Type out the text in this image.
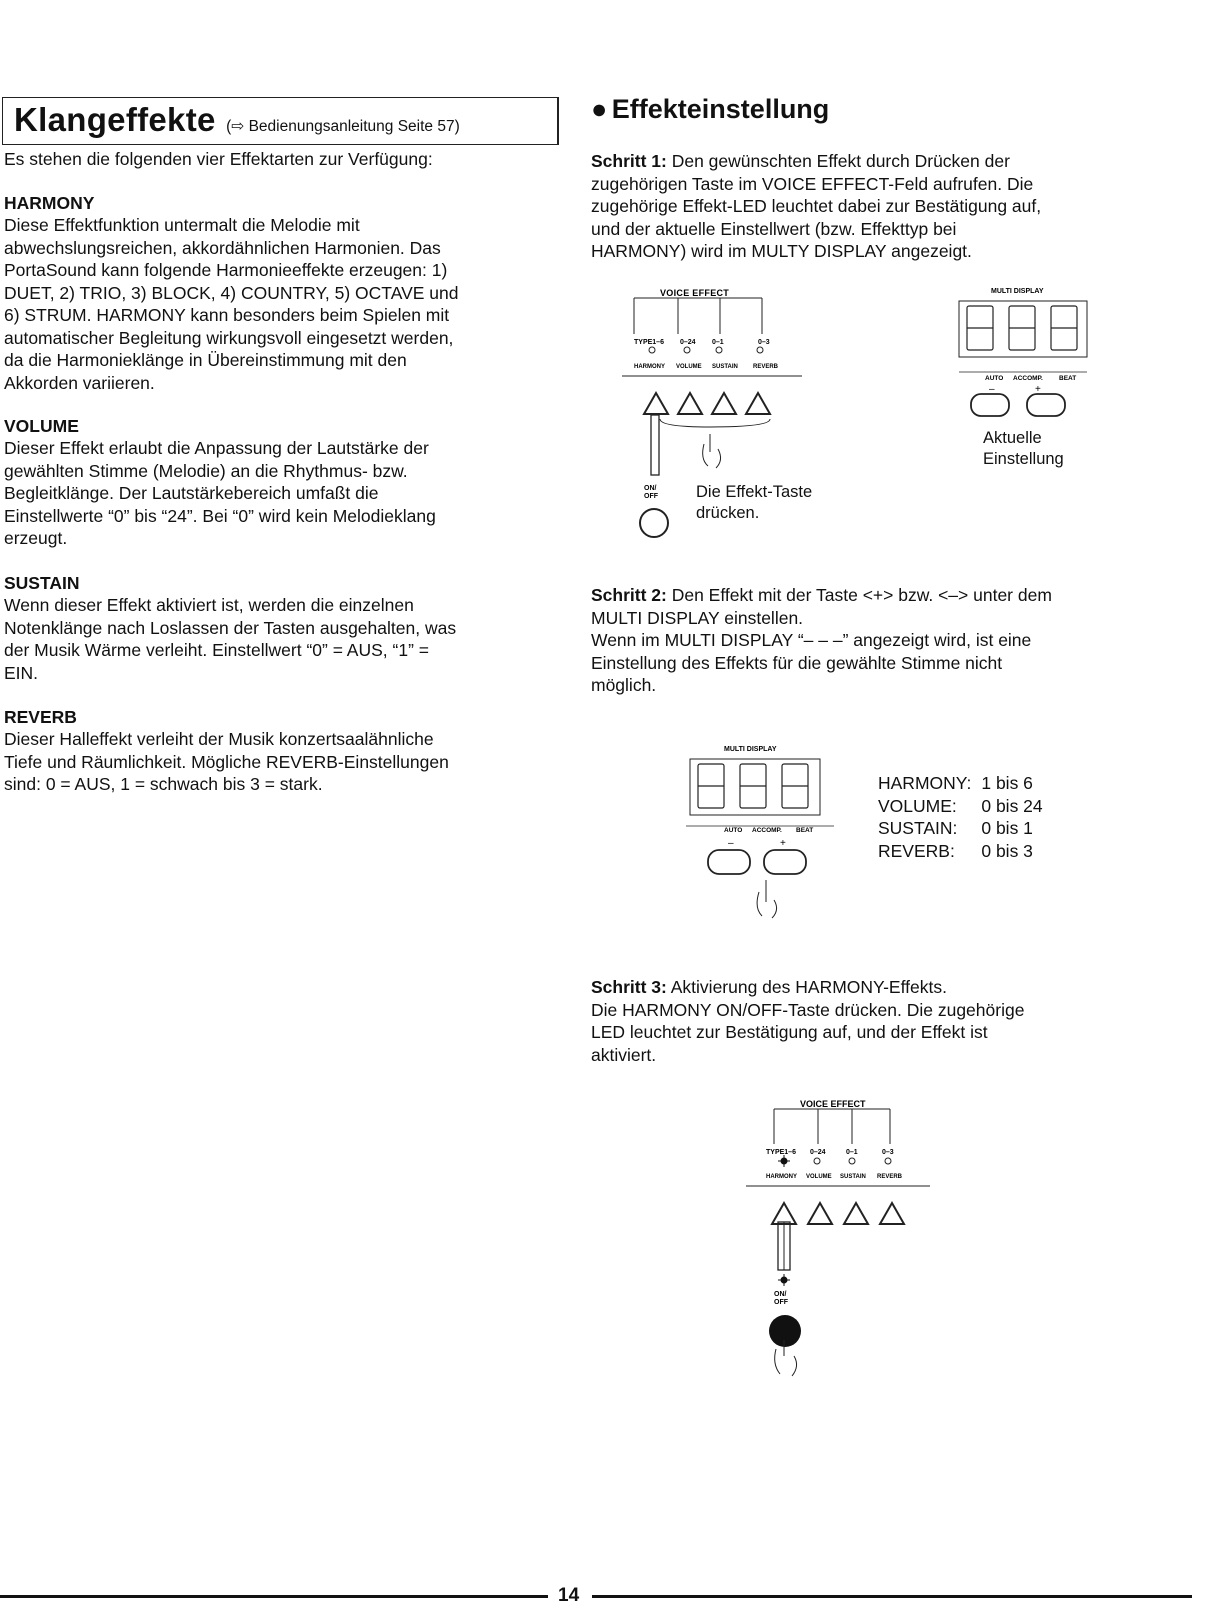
Klangeffekte (⇨ Bedienungsanleitung Seite 57)
Es stehen die folgenden vier Effektarten zur Verfügung:
HARMONY
Diese Effektfunktion untermalt die Melodie mit
abwechslungsreichen, akkordähnlichen Harmonien. Das
PortaSound kann folgende Harmonieeffekte erzeugen: 1)
DUET, 2) TRIO, 3) BLOCK, 4) COUNTRY, 5) OCTAVE und
6) STRUM. HARMONY kann besonders beim Spielen mit
automatischer Begleitung wirkungsvoll eingesetzt werden,
da die Harmonieklänge in Übereinstimmung mit den
Akkorden variieren.
VOLUME
Dieser Effekt erlaubt die Anpassung der Lautstärke der
gewählten Stimme (Melodie) an die Rhythmus- bzw.
Begleitklänge. Der Lautstärkebereich umfaßt die
Einstellwerte “0” bis “24”. Bei “0” wird kein Melodieklang
erzeugt.
SUSTAIN
Wenn dieser Effekt aktiviert ist, werden die einzelnen
Notenklänge nach Loslassen der Tasten ausgehalten, was
der Musik Wärme verleiht. Einstellwert “0” = AUS, “1” =
EIN.
REVERB
Dieser Halleffekt verleiht der Musik konzertsaalähnliche
Tiefe und Räumlichkeit. Mögliche REVERB-Einstellungen
sind: 0 = AUS, 1 = schwach bis 3 = stark.
● Effekteinstellung
Schritt 1: Den gewünschten Effekt durch Drücken der
zugehörigen Taste im VOICE EFFECT-Feld aufrufen. Die
zugehörige Effekt-LED leuchtet dabei zur Bestätigung auf,
und der aktuelle Einstellwert (bzw. Effekttyp bei
HARMONY) wird im MULTY DISPLAY angezeigt.
VOICE EFFECT
TYPE1–6 0–24 0–1	0–3
HARMONY VOLUME SUSTAIN	REVERB
ON/
OFF Die Effekt-Taste
drücken.
MULTI DISPLAY
AUTO ACCOMP. BEAT
–	+
Aktuelle
Einstellung
Schritt 2: Den Effekt mit der Taste <+> bzw. <–> unter dem
MULTI DISPLAY einstellen.
Wenn im MULTI DISPLAY “– – –” angezeigt wird, ist eine
Einstellung des Effekts für die gewählte Stimme nicht
möglich.
MULTI DISPLAY
AUTO ACCOMP. BEAT
–	+
HARMONY:	1 bis 6
VOLUME:	0 bis 24
SUSTAIN:	0 bis 1
REVERB:	0 bis 3
Schritt 3: Aktivierung des HARMONY-Effekts.
Die HARMONY ON/OFF-Taste drücken. Die zugehörige
LED leuchtet zur Bestätigung auf, und der Effekt ist
aktiviert.
VOICE EFFECT
TYPE1–6 0–24	0–1	0–3
HARMONY VOLUME SUSTAIN REVERB
ON/
OFF
14
